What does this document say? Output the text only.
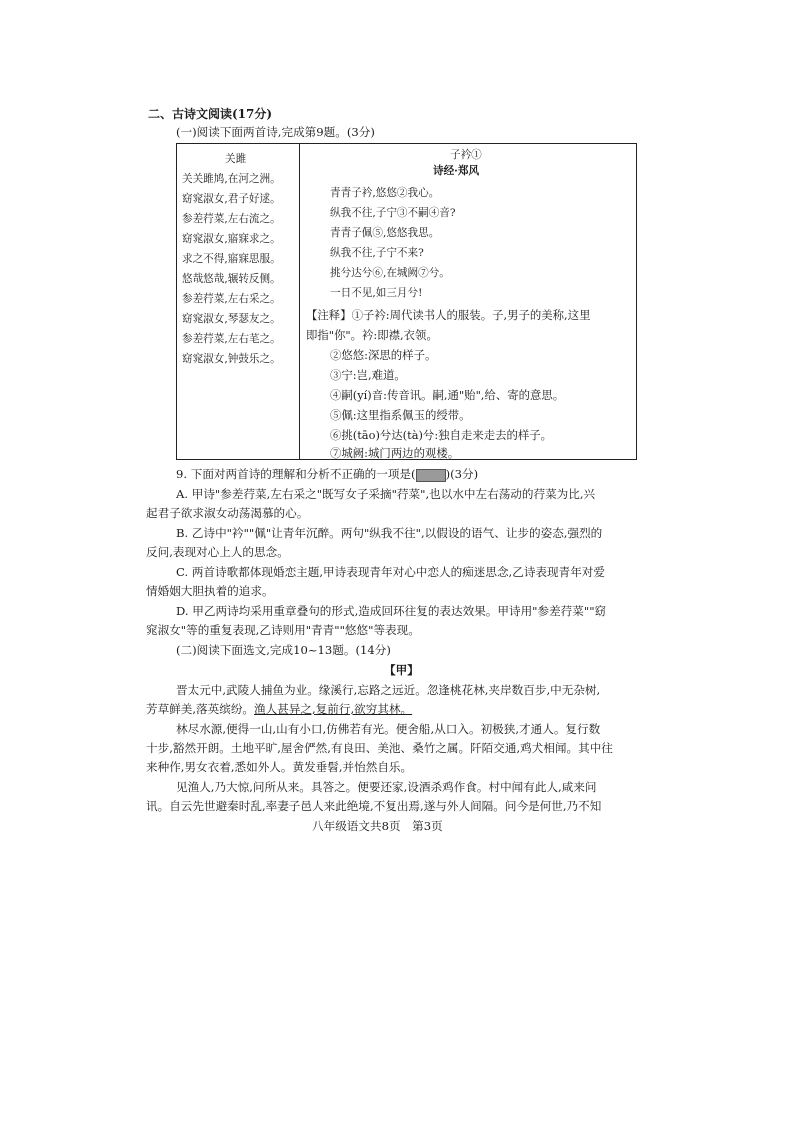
二、古诗文阅读(17分)
(一)阅读下面两首诗,完成第9题。(3分)
关雎
关关雎鸠,在河之洲。
窈窕淑女,君子好逑。
参差荇菜,左右流之。
窈窕淑女,寤寐求之。
求之不得,寤寐思服。
悠哉悠哉,辗转反侧。
参差荇菜,左右采之。
窈窕淑女,琴瑟友之。
参差荇菜,左右芼之。
窈窕淑女,钟鼓乐之。

子衿①
诗经·郑风
青青子衿,悠悠②我心。
纵我不往,子宁③不嗣④音?
青青子佩⑤,悠悠我思。
纵我不往,子宁不来?
挑兮达兮⑥,在城阙⑦兮。
一日不见,如三月兮!
【注释】①子衿:周代读书人的服装。子,男子的美称,这里
即指"你"。衿:即襟,衣领。
②悠悠:深思的样子。
③宁:岂,难道。
④嗣(yí)音:传音讯。嗣,通"贻",给、寄的意思。
⑤佩:这里指系佩玉的绶带。
⑥挑(tāo)兮达(tà)兮:独自走来走去的样子。
⑦城阙:城门两边的观楼。
9. 下面对两首诗的理解和分析不正确的一项是(	)(3分)
A. 甲诗"参差荇菜,左右采之"既写女子采摘"荇菜",也以水中左右荡动的荇菜为比,兴
起君子欲求淑女动荡渴慕的心。
B. 乙诗中"衿""佩"让青年沉醉。两句"纵我不往",以假设的语气、让步的姿态,强烈的
反问,表现对心上人的思念。
C. 两首诗歌都体现婚恋主题,甲诗表现青年对心中恋人的痴迷思念,乙诗表现青年对爱
情婚姻大胆执着的追求。
D. 甲乙两诗均采用重章叠句的形式,造成回环往复的表达效果。甲诗用"参差荇菜""窈
窕淑女"等的重复表现,乙诗则用"青青""悠悠"等表现。
(二)阅读下面选文,完成10~13题。(14分)
【甲】
晋太元中,武陵人捕鱼为业。缘溪行,忘路之远近。忽逢桃花林,夹岸数百步,中无杂树,
芳草鲜美,落英缤纷。渔人甚异之,复前行,欲穷其林。
林尽水源,便得一山,山有小口,仿佛若有光。便舍船,从口入。初极狭,才通人。复行数
十步,豁然开朗。土地平旷,屋舍俨然,有良田、美池、桑竹之属。阡陌交通,鸡犬相闻。其中往
来种作,男女衣着,悉如外人。黄发垂髫,并怡然自乐。
见渔人,乃大惊,问所从来。具答之。便要还家,设酒杀鸡作食。村中闻有此人,咸来问
讯。自云先世避秦时乱,率妻子邑人来此绝境,不复出焉,遂与外人间隔。问今是何世,乃不知
八年级语文共8页　第3页
